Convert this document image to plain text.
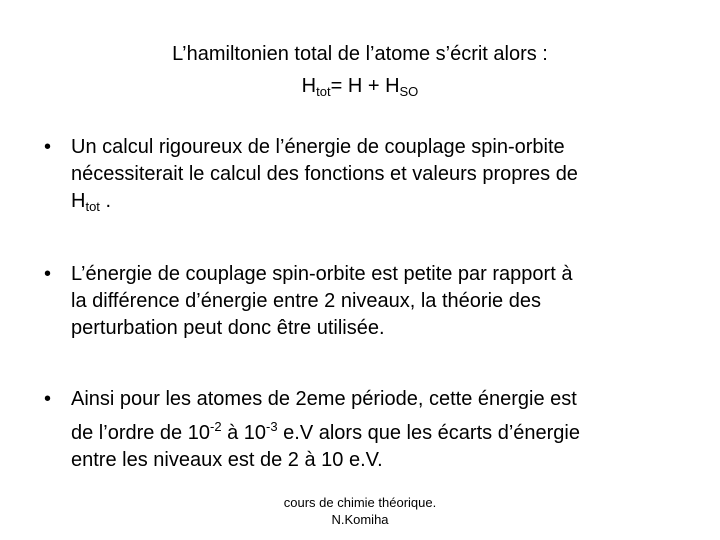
L’hamiltonien total de l’atome s’écrit alors :
$H_{tot}= H + H_{SO}$
• Un calcul rigoureux de l’énergie de couplage spin-orbite
nécessiterait le calcul des fonctions et valeurs propres de
$H_{tot}$ .
• L’énergie de couplage spin-orbite est petite par rapport à
la différence d’énergie entre 2 niveaux, la théorie des
perturbation peut donc être utilisée.
• Ainsi pour les atomes de 2eme période, cette énergie est
de l’ordre de $10^{-2}$ à $10^{-3}$ e.V alors que les écarts d’énergie
entre les niveaux est de 2 à 10 e.V.
cours de chimie théorique.
N.Komiha
